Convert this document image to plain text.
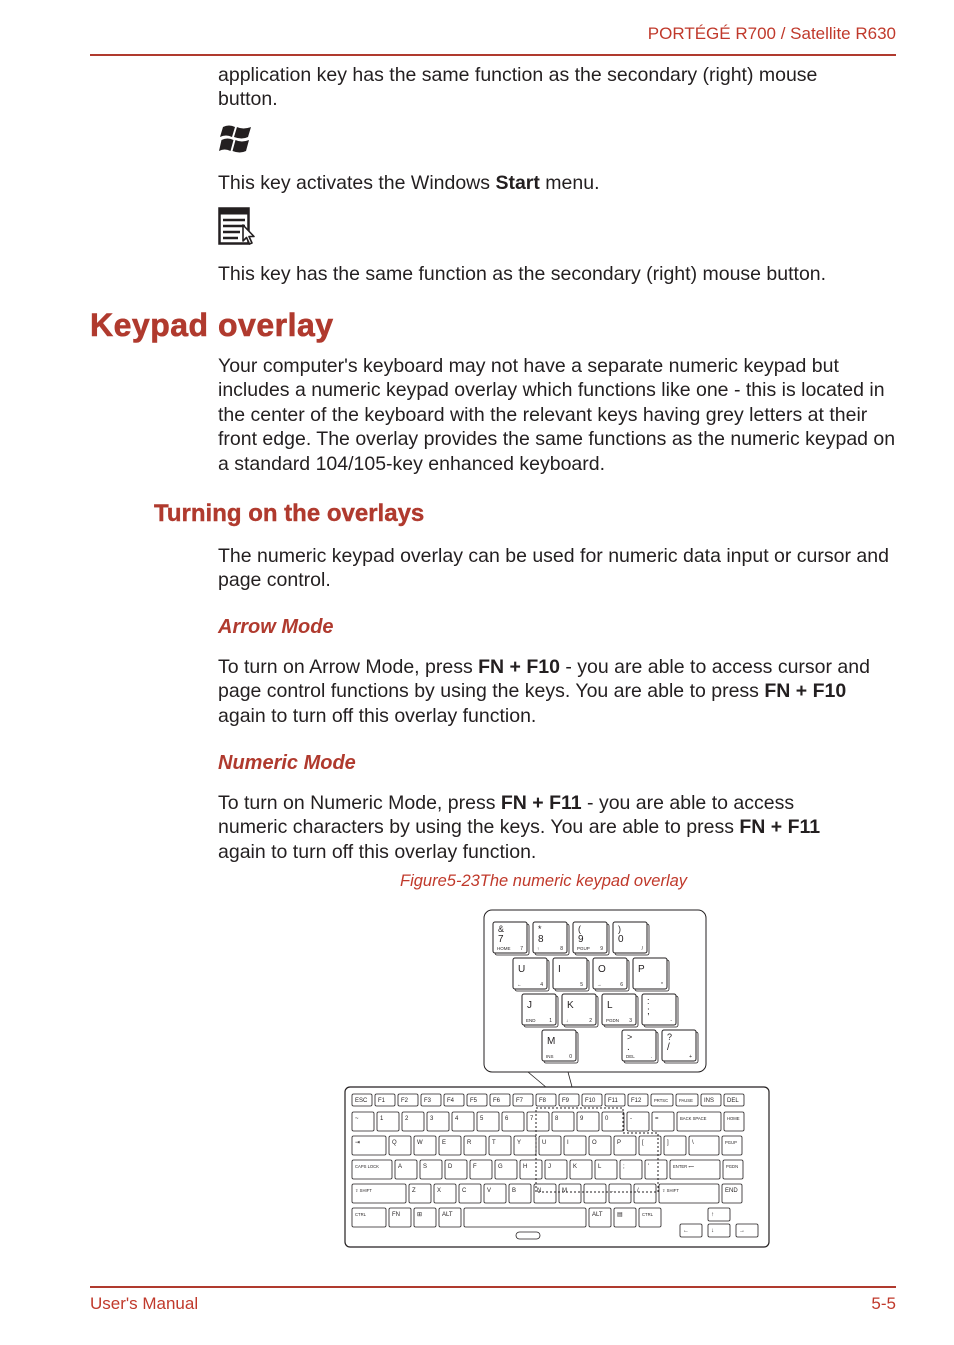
PORTÉGÉ R700 / Satellite R630

application key has the same function as the secondary (right) mouse button.

This key activates the Windows Start menu.

This key has the same function as the secondary (right) mouse button.

Keypad overlay

Your computer's keyboard may not have a separate numeric keypad but includes a numeric keypad overlay which functions like one - this is located in the center of the keyboard with the relevant keys having grey letters at their front edge. The overlay provides the same functions as the numeric keypad on a standard 104/105-key enhanced keyboard.

Turning on the overlays

The numeric keypad overlay can be used for numeric data input or cursor and page control.

Arrow Mode

To turn on Arrow Mode, press FN + F10 - you are able to access cursor and page control functions by using the keys. You are able to press FN + F10 again to turn off this overlay function.

Numeric Mode

To turn on Numeric Mode, press FN + F11 - you are able to access numeric characters by using the keys. You are able to press FN + F11 again to turn off this overlay function.

Figure5-23The numeric keypad overlay
&
7
HOME 7
*
8
↑	8
(
9
PGUP 9
)
0
/
U
←	4
I
5
O
→	6
P
*
J
END	1
K
↓	2
L
PGDN 3
:
;
-
M
INS	0
>
.
DEL	.
?
/
+
ESC F1	F2	F3	F4	F5	F6	F7	F8	F9	F10 F11 F12	PRTSC	PAUSE INS DEL
~	1	2	3	4	5	6	7	8	9	0	-	=	BACK SPACE	HOME
⇥	Q	W	E	R	T	Y	U	I	O	P	[	]	\	PGUP
CAPS LOCK	A	S	D	F	G	H	J	K	L	;	'	ENTER ⟵	PGDN
⇧ SHIFT	Z	X	C	V	B	N	M	,	.	/	⇧ SHIFT	END
CTRL	FN	⊞	ALT	ALT ▤	CTRL
←
↑
↓	→
User's Manual	5-5
